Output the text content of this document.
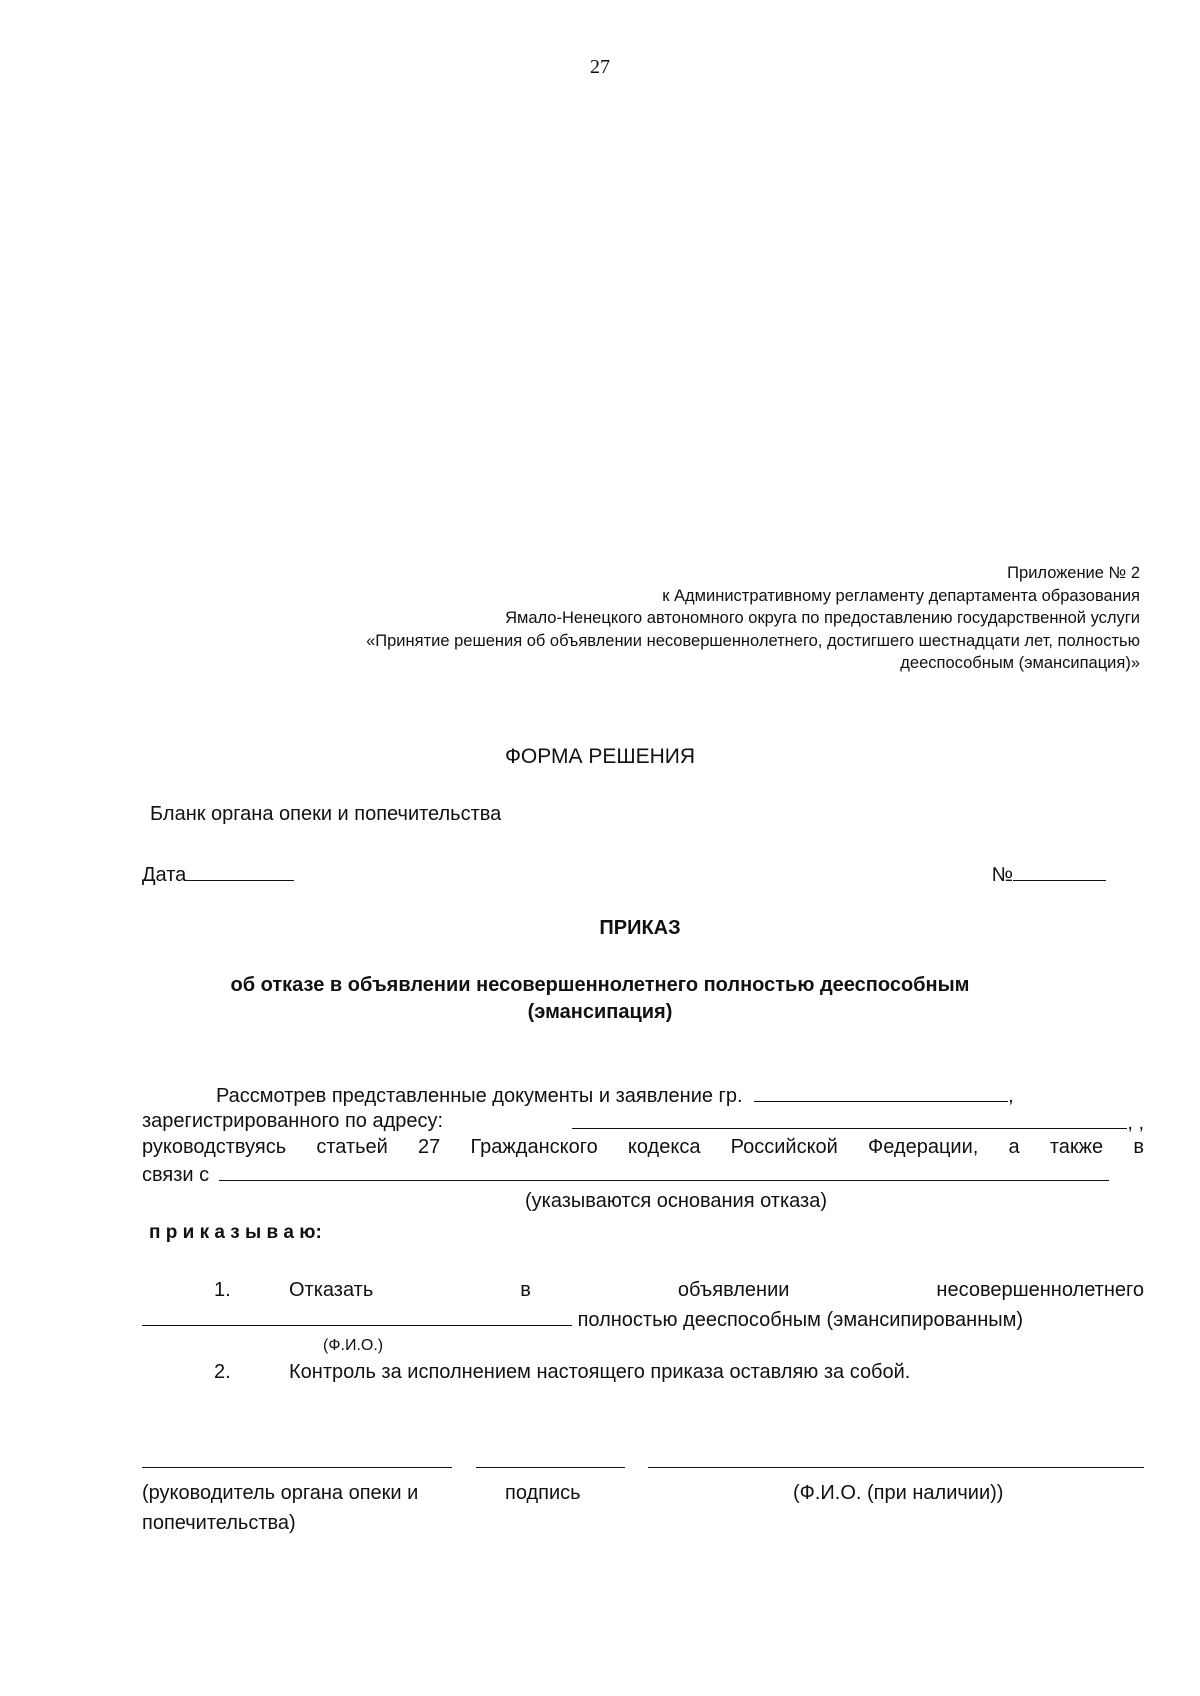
27
Приложение № 2
к Административному регламенту департамента образования
Ямало-Ненецкого автономного округа по предоставлению государственной услуги
«Принятие решения об объявлении несовершеннолетнего, достигшего шестнадцати лет, полностью
дееспособным (эмансипация)»
ФОРМА РЕШЕНИЯ
Бланк органа опеки и попечительства
Дата	№
ПРИКАЗ
об отказе в объявлении несовершеннолетнего полностью дееспособным
(эмансипация)
Рассмотрев представленные документы и заявление гр.	,
зарегистрированного по адресу:	, ,
руководствуясь статьей 27 Гражданского кодекса Российской Федерации, а также в
связи с
(указываются основания отказа)
п р и к а з ы в а ю:
1.	Отказать	в	объявлении	несовершеннолетнего
полностью дееспособным (эмансипированным)
(Ф.И.О.)
2.	Контроль за исполнением настоящего приказа оставляю за собой.
(руководитель органа опеки и попечительства)
подпись	(Ф.И.О. (при наличии))
